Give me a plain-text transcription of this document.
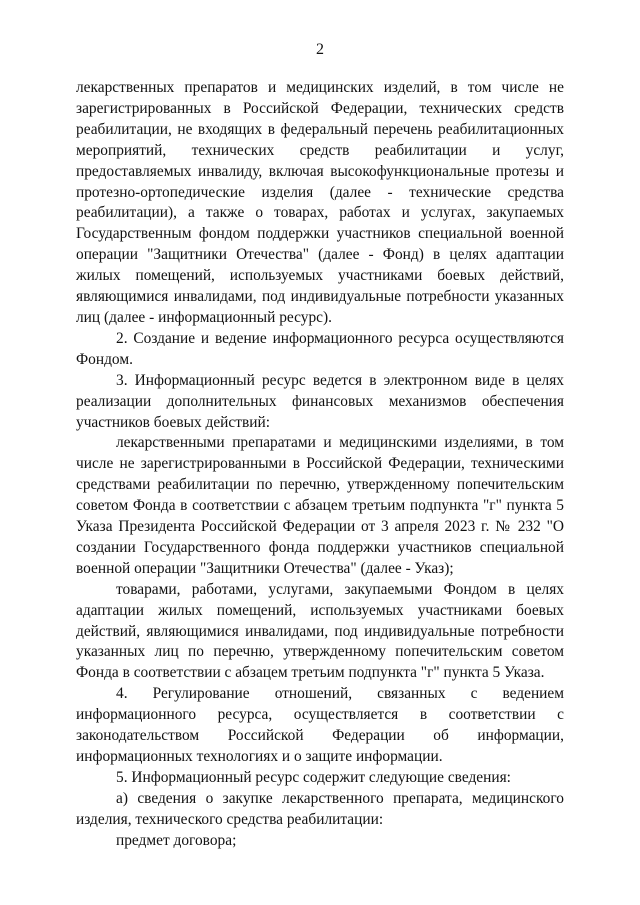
2

лекарственных препаратов и медицинских изделий, в том числе не зарегистрированных в Российской Федерации, технических средств реабилитации, не входящих в федеральный перечень реабилитационных мероприятий, технических средств реабилитации и услуг, предоставляемых инвалиду, включая высокофункциональные протезы и протезно-ортопедические изделия (далее - технические средства реабилитации), а также о товарах, работах и услугах, закупаемых Государственным фондом поддержки участников специальной военной операции "Защитники Отечества" (далее - Фонд) в целях адаптации жилых помещений, используемых участниками боевых действий, являющимися инвалидами, под индивидуальные потребности указанных лиц (далее - информационный ресурс).

2. Создание и ведение информационного ресурса осуществляются Фондом.

3. Информационный ресурс ведется в электронном виде в целях реализации дополнительных финансовых механизмов обеспечения участников боевых действий:

лекарственными препаратами и медицинскими изделиями, в том числе не зарегистрированными в Российской Федерации, техническими средствами реабилитации по перечню, утвержденному попечительским советом Фонда в соответствии с абзацем третьим подпункта "г" пункта 5 Указа Президента Российской Федерации от 3 апреля 2023 г. № 232 "О создании Государственного фонда поддержки участников специальной военной операции "Защитники Отечества" (далее - Указ);

товарами, работами, услугами, закупаемыми Фондом в целях адаптации жилых помещений, используемых участниками боевых действий, являющимися инвалидами, под индивидуальные потребности указанных лиц по перечню, утвержденному попечительским советом Фонда в соответствии с абзацем третьим подпункта "г" пункта 5 Указа.

4. Регулирование отношений, связанных с ведением информационного ресурса, осуществляется в соответствии с законодательством Российской Федерации об информации, информационных технологиях и о защите информации.

5. Информационный ресурс содержит следующие сведения:

а) сведения о закупке лекарственного препарата, медицинского изделия, технического средства реабилитации:

предмет договора;
